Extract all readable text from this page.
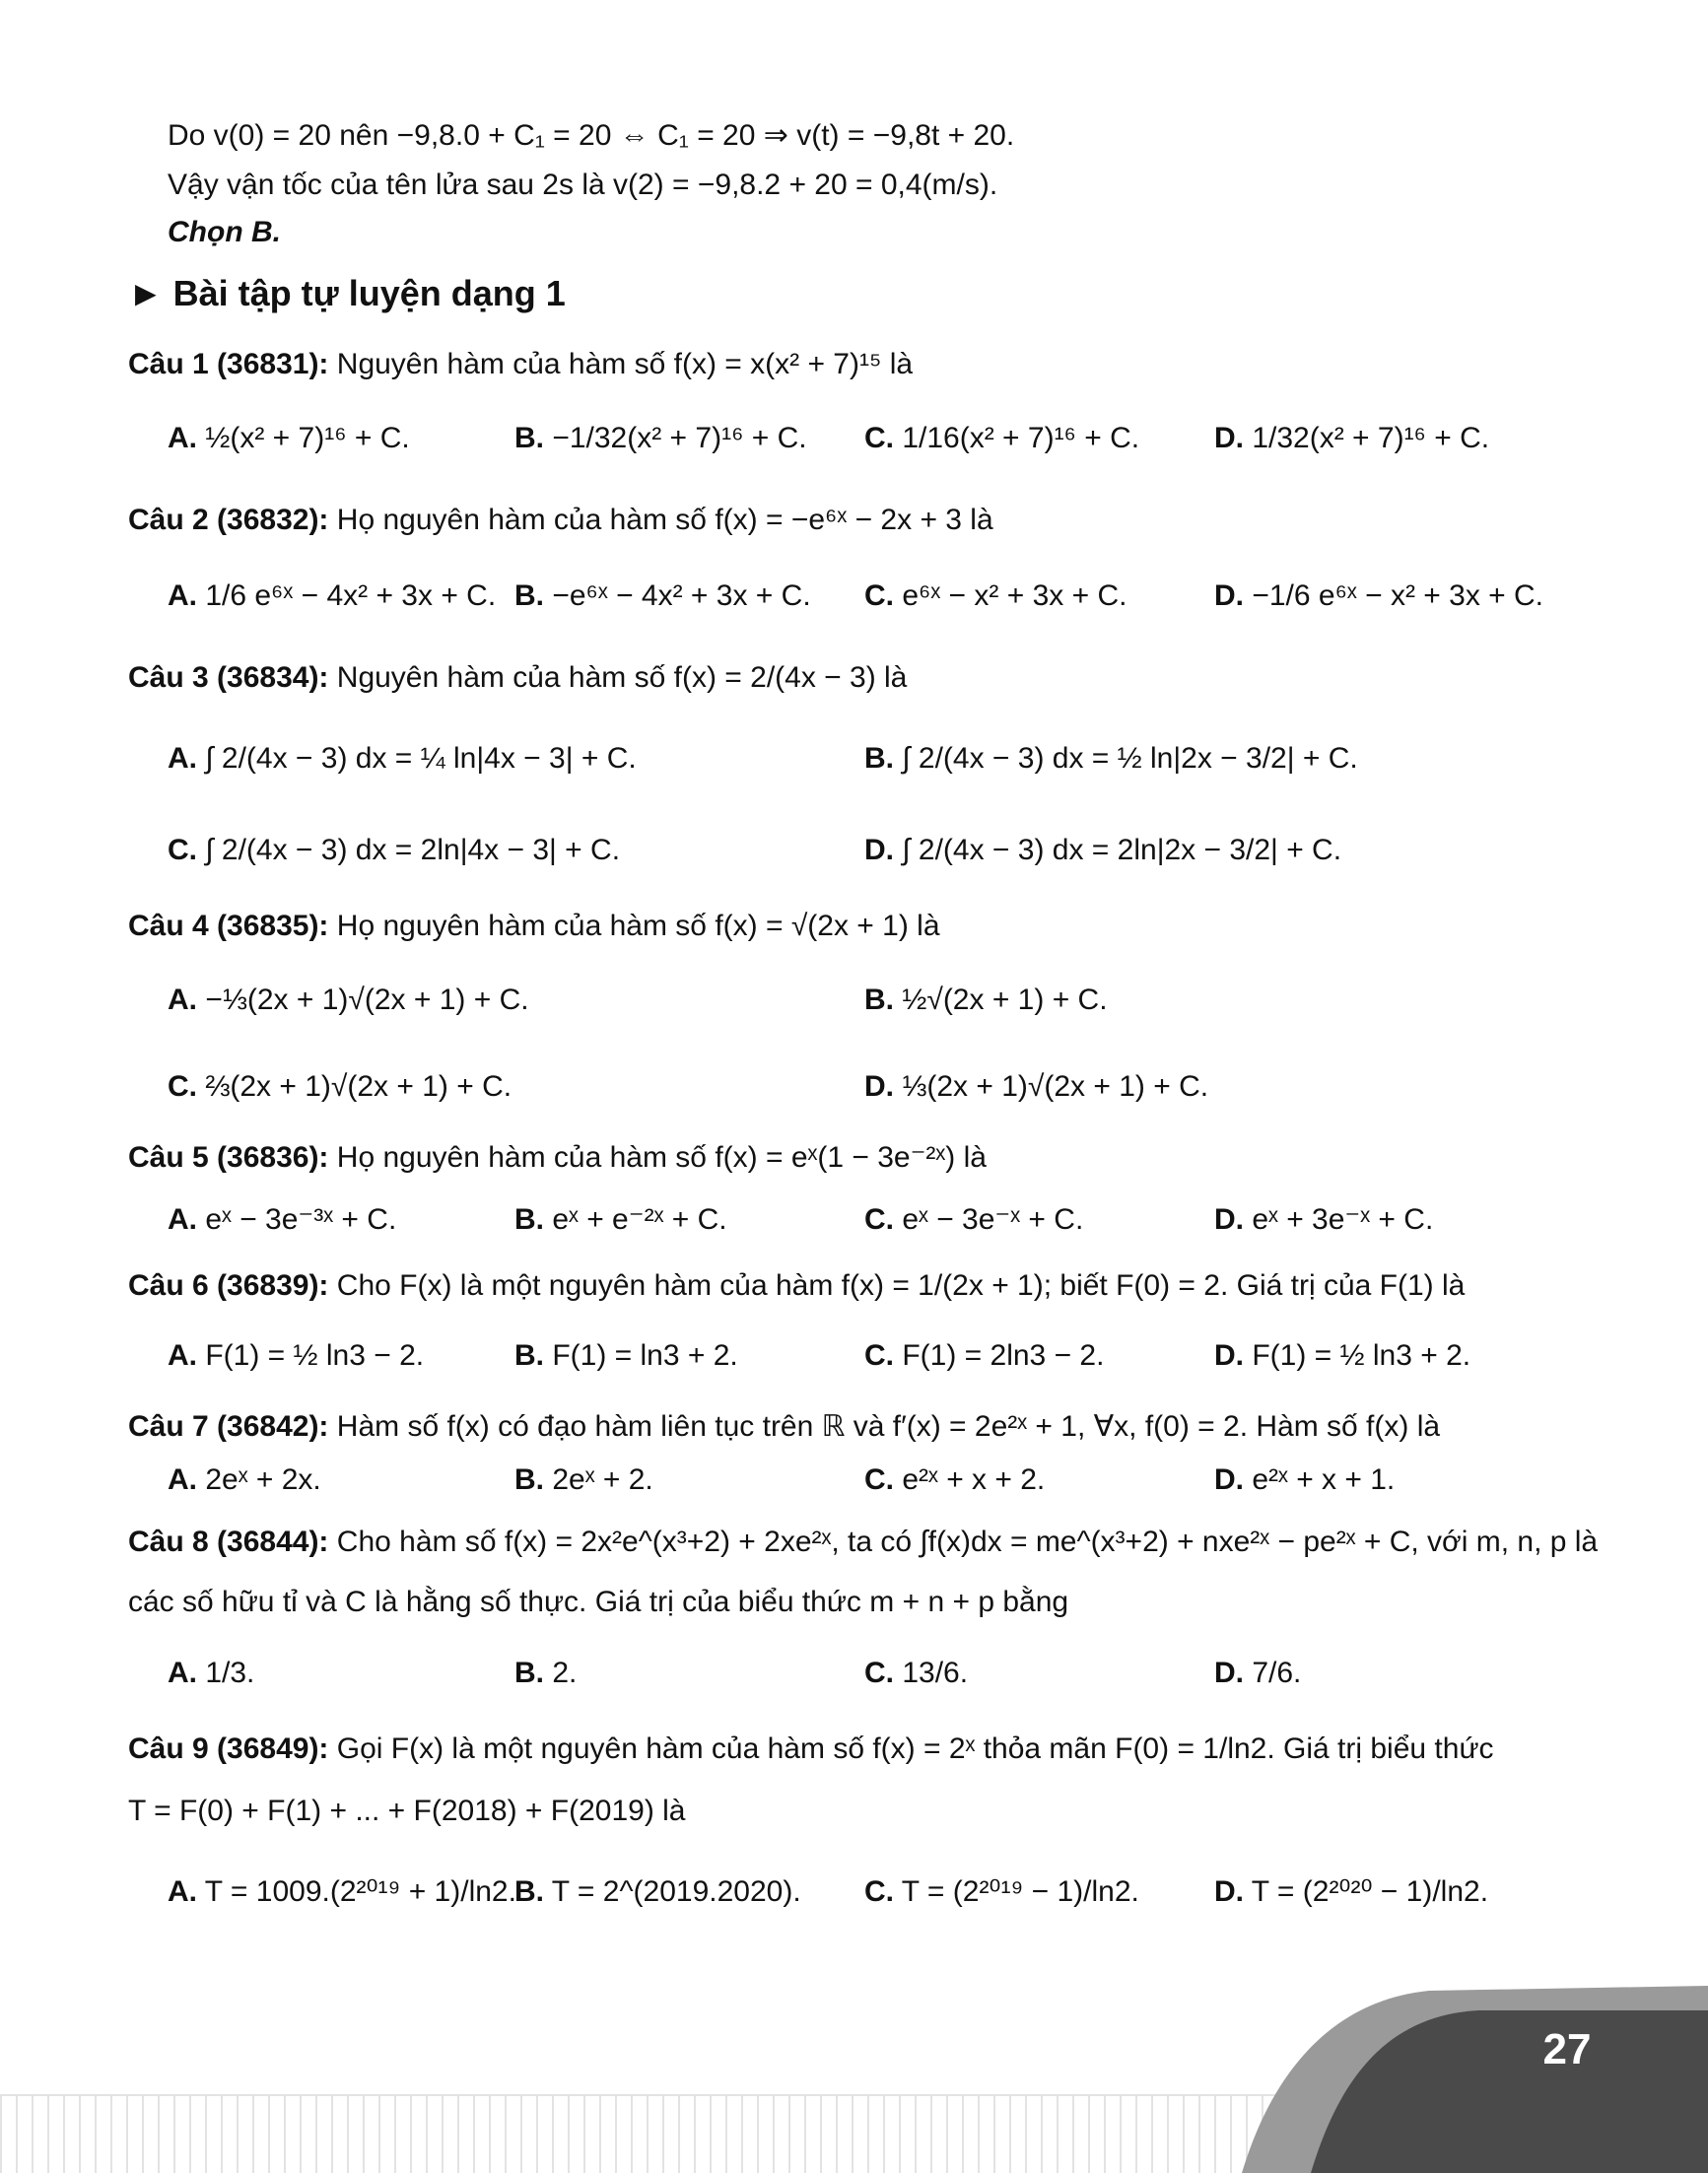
Do v(0) = 20 nên −9,8.0 + C₁ = 20 ⇔ C₁ = 20 ⇒ v(t) = −9,8t + 20.
Vậy vận tốc của tên lửa sau 2s là v(2) = −9,8.2 + 20 = 0,4(m/s).
Chọn B.
► Bài tập tự luyện dạng 1
Câu 1 (36831): Nguyên hàm của hàm số f(x) = x(x² + 7)¹⁵ là
A. ½(x² + 7)¹⁶ + C.	B. −1/32(x² + 7)¹⁶ + C. C. 1/16(x² + 7)¹⁶ + C.	D. 1/32(x² + 7)¹⁶ + C.
Câu 2 (36832): Họ nguyên hàm của hàm số f(x) = −e⁶ˣ − 2x + 3 là
A. 1/6 e⁶ˣ − 4x² + 3x + C. B. −e⁶ˣ − 4x² + 3x + C. C. e⁶ˣ − x² + 3x + C.	D. −1/6 e⁶ˣ − x² + 3x + C.
Câu 3 (36834): Nguyên hàm của hàm số f(x) = 2/(4x − 3) là
A. ∫ 2/(4x − 3) dx = ¼ ln|4x − 3| + C.	B. ∫ 2/(4x − 3) dx = ½ ln|2x − 3/2| + C.
C. ∫ 2/(4x − 3) dx = 2ln|4x − 3| + C.	D. ∫ 2/(4x − 3) dx = 2ln|2x − 3/2| + C.
Câu 4 (36835): Họ nguyên hàm của hàm số f(x) = √(2x + 1) là
A. −⅓(2x + 1)√(2x + 1) + C.	B. ½√(2x + 1) + C.
C. ⅔(2x + 1)√(2x + 1) + C.	D. ⅓(2x + 1)√(2x + 1) + C.
Câu 5 (36836): Họ nguyên hàm của hàm số f(x) = eˣ(1 − 3e⁻²ˣ) là
A. eˣ − 3e⁻³ˣ + C.	B. eˣ + e⁻²ˣ + C.	C. eˣ − 3e⁻ˣ + C.	D. eˣ + 3e⁻ˣ + C.
Câu 6 (36839): Cho F(x) là một nguyên hàm của hàm f(x) = 1/(2x + 1); biết F(0) = 2. Giá trị của F(1) là
A. F(1) = ½ ln3 − 2.	B. F(1) = ln3 + 2.	C. F(1) = 2ln3 − 2.	D. F(1) = ½ ln3 + 2.
Câu 7 (36842): Hàm số f(x) có đạo hàm liên tục trên ℝ và f′(x) = 2e²ˣ + 1, ∀x, f(0) = 2. Hàm số f(x) là
A. 2eˣ + 2x.	B. 2eˣ + 2.	C. e²ˣ + x + 2.	D. e²ˣ + x + 1.
Câu 8 (36844): Cho hàm số f(x) = 2x²e^(x³+2) + 2xe²ˣ, ta có ∫f(x)dx = me^(x³+2) + nxe²ˣ − pe²ˣ + C, với m, n, p là
các số hữu tỉ và C là hằng số thực. Giá trị của biểu thức m + n + p bằng
A. 1/3.	B. 2.	C. 13/6.	D. 7/6.
Câu 9 (36849): Gọi F(x) là một nguyên hàm của hàm số f(x) = 2ˣ thỏa mãn F(0) = 1/ln2. Giá trị biểu thức
T = F(0) + F(1) + ... + F(2018) + F(2019) là
A. T = 1009.(2²⁰¹⁹ + 1)/ln2.
B. T = 2^(2019.2020). C. T = (2²⁰¹⁹ − 1)/ln2.	D. T = (2²⁰²⁰ − 1)/ln2.
27
